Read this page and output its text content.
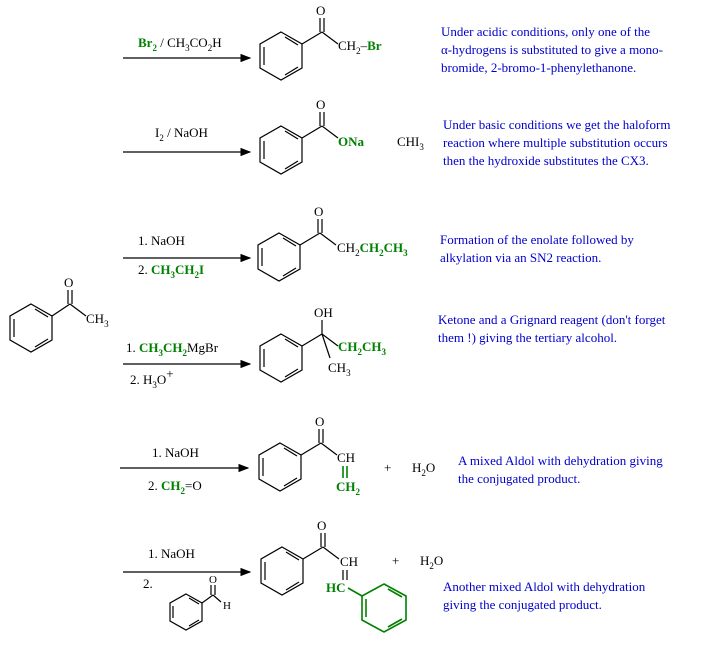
O
$CH_3$
$Br_2$ $^{/ CH}_3^{CO}_2^H$
O
$CH_2^-Br$
$I_2$ / NaOH
O
ONa	$CHI_3$
1. NaOH
2. $CH_3^{CH}_2^I$
O
$CH_2^{CH}_2^{CH}_3$
1. $CH_3^{CH}_2^{MgBr}$
2. $H_3O+$
OH
$CH_2^{CH}_3$
$CH_3$
1. NaOH
2. $CH_2^{=O}$
O
CH
$CH_2$
+ $H_2O$
1. NaOH
2.	O
H
O
CH
HC
+ $H_2O$
Under acidic conditions, only one of the
α-hydrogens is substituted to give a mono-
bromide, 2-bromo-1-phenylethanone.
Under basic conditions we get the haloform
reaction where multiple substitution occurs
then the hydroxide substitutes the CX3.
Formation of the enolate followed by
alkylation via an SN2 reaction.
Ketone and a Grignard reagent (don't forget
them !) giving the tertiary alcohol.
A mixed Aldol with dehydration giving
the conjugated product.
Another mixed Aldol with dehydration
giving the conjugated product.
